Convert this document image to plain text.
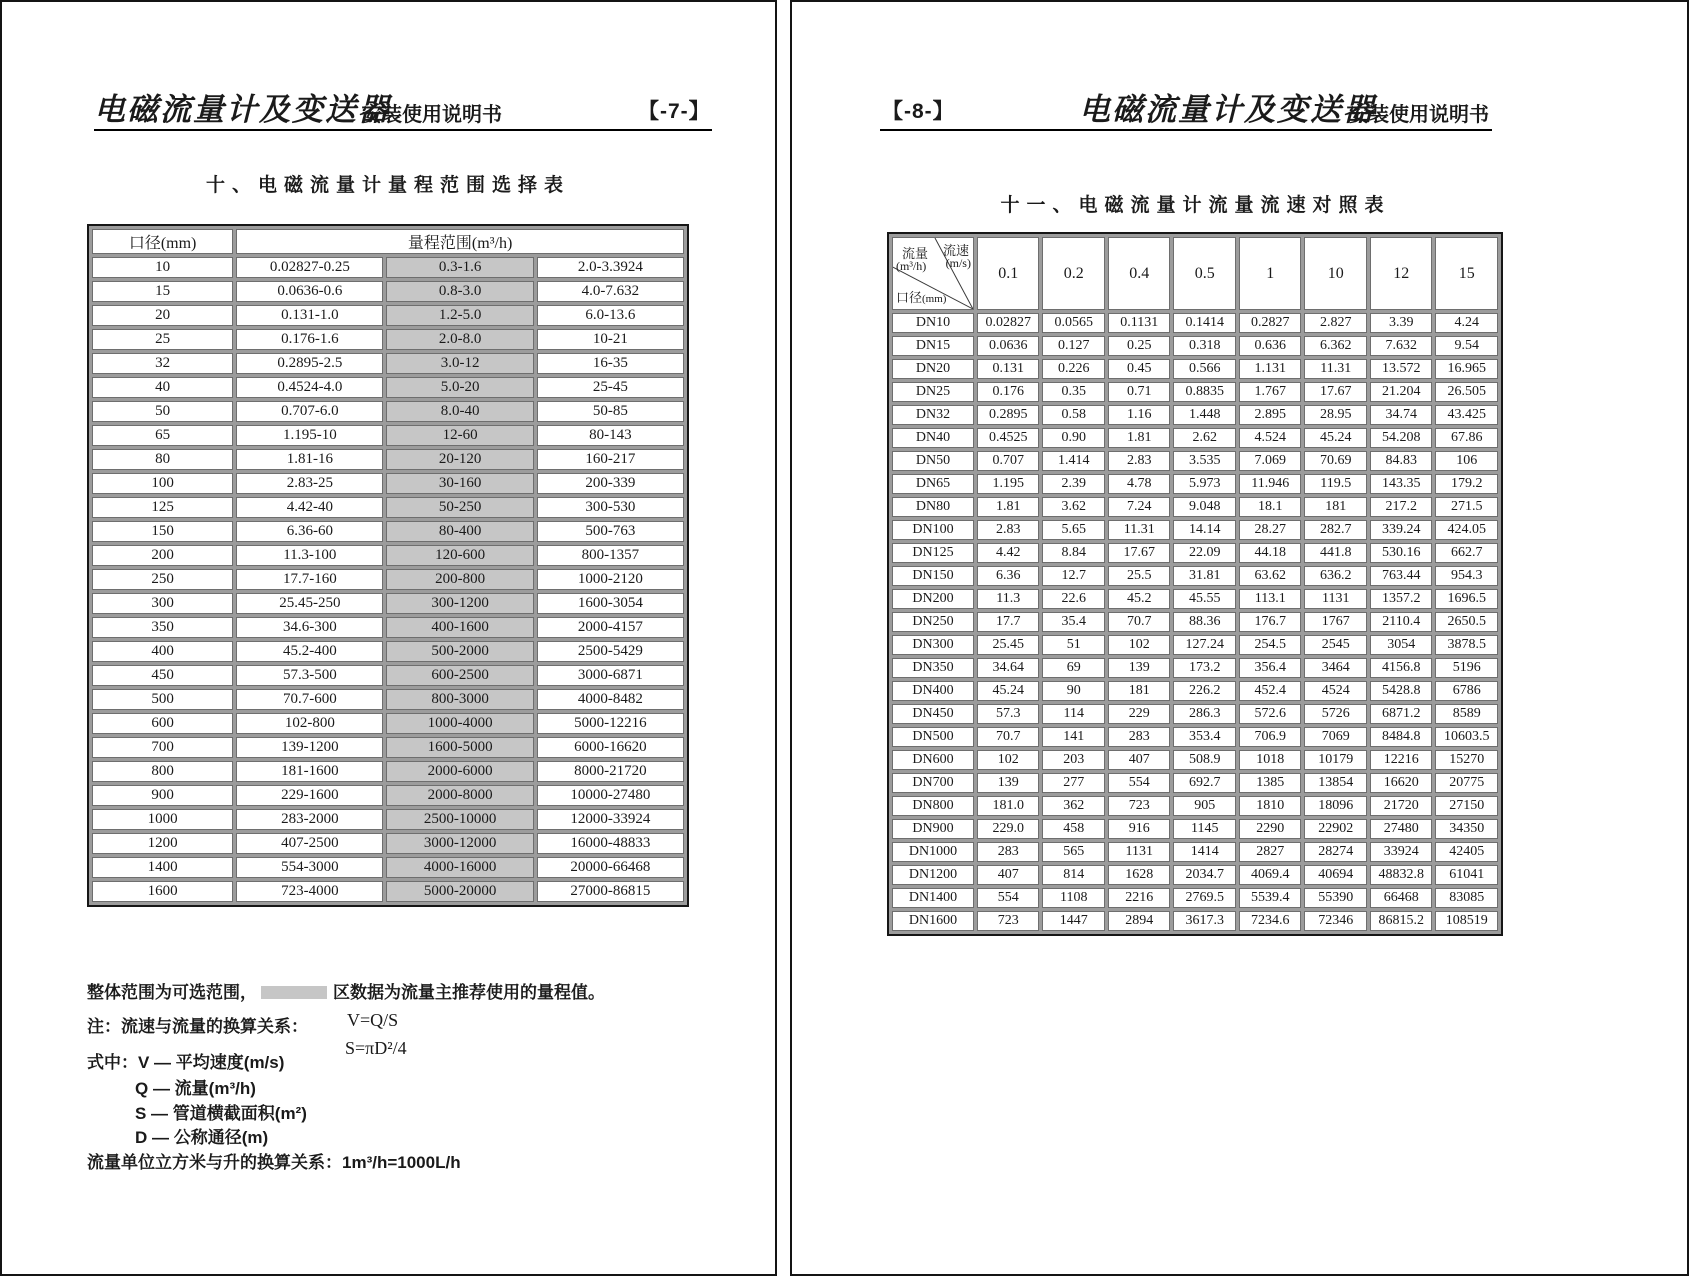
电磁流量计及变送器
安装使用说明书	【-7-】
十、电磁流量计量程范围选择表
口径(mm)	量程范围(m³/h)		
10	0.02827-0.25	0.3-1.6	2.0-3.3924
15	0.0636-0.6	0.8-3.0	4.0-7.632
20	0.131-1.0	1.2-5.0	6.0-13.6
25	0.176-1.6	2.0-8.0	10-21
32	0.2895-2.5	3.0-12	16-35
40	0.4524-4.0	5.0-20	25-45
50	0.707-6.0	8.0-40	50-85
65	1.195-10	12-60	80-143
80	1.81-16	20-120	160-217
100	2.83-25	30-160	200-339
125	4.42-40	50-250	300-530
150	6.36-60	80-400	500-763
200	11.3-100	120-600	800-1357
250	17.7-160	200-800	1000-2120
300	25.45-250	300-1200	1600-3054
350	34.6-300	400-1600	2000-4157
400	45.2-400	500-2000	2500-5429
450	57.3-500	600-2500	3000-6871
500	70.7-600	800-3000	4000-8482
600	102-800	1000-4000	5000-12216
700	139-1200	1600-5000	6000-16620
800	181-1600	2000-6000	8000-21720
900	229-1600	2000-8000	10000-27480
1000	283-2000	2500-10000	12000-33924
1200	407-2500	3000-12000	16000-48833
1400	554-3000	4000-16000	20000-66468
1600	723-4000	5000-20000	27000-86815
整体范围为可选范围，	区数据为流量主推荐使用的量程值。
注：流速与流量的换算关系： V=Q/S
S=πD²/4
式中：V — 平均速度(m/s)
Q — 流量(m³/h)
S — 管道横截面积(m²)
D — 公称通径(m)
流量单位立方米与升的换算关系：1m³/h=1000L/h
【-8-】	电磁流量计及变送器
安装使用说明书
十一、电磁流量计流量流速对照表
流量
(m³/h)
流速
(m/s)
口径(mm)	0.1	0.2	0.4	0.5	1	10	12	15
DN10	0.02827	0.0565	0.1131	0.1414	0.2827	2.827	3.39	4.24
DN15	0.0636	0.127	0.25	0.318	0.636	6.362	7.632	9.54
DN20	0.131	0.226	0.45	0.566	1.131	11.31	13.572	16.965
DN25	0.176	0.35	0.71	0.8835	1.767	17.67	21.204	26.505
DN32	0.2895	0.58	1.16	1.448	2.895	28.95	34.74	43.425
DN40	0.4525	0.90	1.81	2.62	4.524	45.24	54.208	67.86
DN50	0.707	1.414	2.83	3.535	7.069	70.69	84.83	106
DN65	1.195	2.39	4.78	5.973	11.946	119.5	143.35	179.2
DN80	1.81	3.62	7.24	9.048	18.1	181	217.2	271.5
DN100	2.83	5.65	11.31	14.14	28.27	282.7	339.24	424.05
DN125	4.42	8.84	17.67	22.09	44.18	441.8	530.16	662.7
DN150	6.36	12.7	25.5	31.81	63.62	636.2	763.44	954.3
DN200	11.3	22.6	45.2	45.55	113.1	1131	1357.2	1696.5
DN250	17.7	35.4	70.7	88.36	176.7	1767	2110.4	2650.5
DN300	25.45	51	102	127.24	254.5	2545	3054	3878.5
DN350	34.64	69	139	173.2	356.4	3464	4156.8	5196
DN400	45.24	90	181	226.2	452.4	4524	5428.8	6786
DN450	57.3	114	229	286.3	572.6	5726	6871.2	8589
DN500	70.7	141	283	353.4	706.9	7069	8484.8	10603.5
DN600	102	203	407	508.9	1018	10179	12216	15270
DN700	139	277	554	692.7	1385	13854	16620	20775
DN800	181.0	362	723	905	1810	18096	21720	27150
DN900	229.0	458	916	1145	2290	22902	27480	34350
DN1000	283	565	1131	1414	2827	28274	33924	42405
DN1200	407	814	1628	2034.7	4069.4	40694	48832.8	61041
DN1400	554	1108	2216	2769.5	5539.4	55390	66468	83085
DN1600	723	1447	2894	3617.3	7234.6	72346	86815.2	108519
